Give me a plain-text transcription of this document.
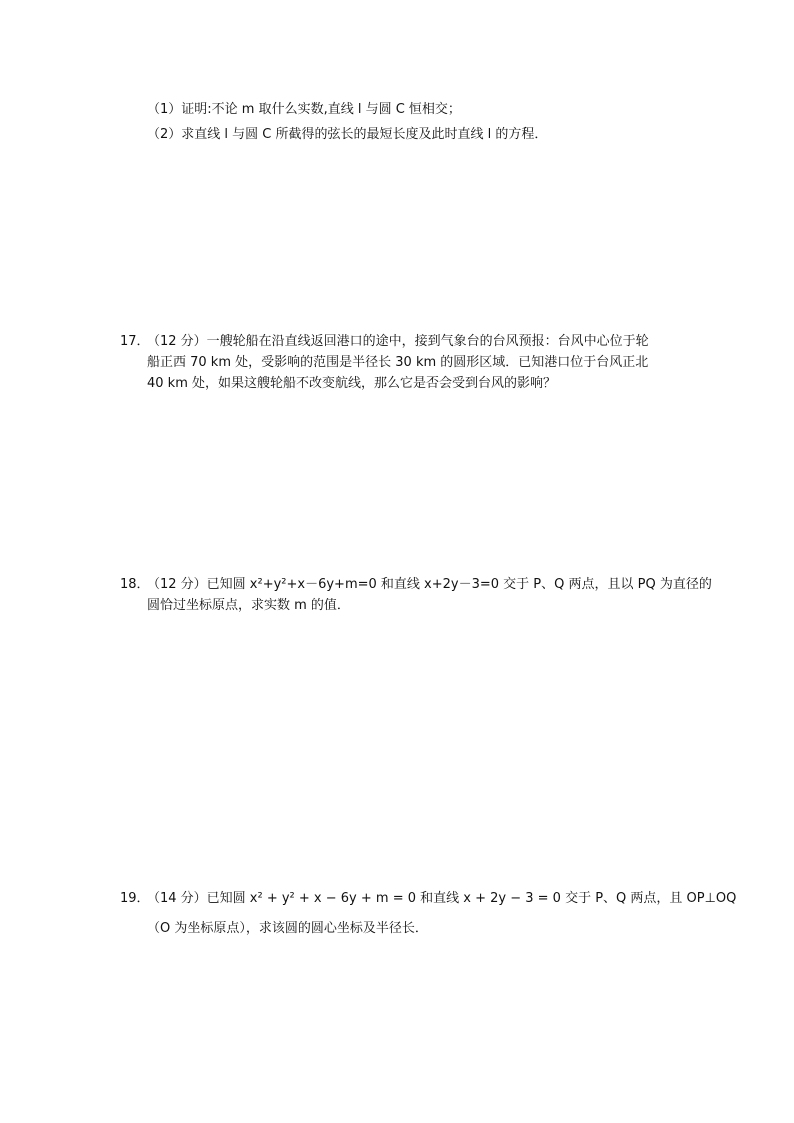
（1）证明:不论 m 取什么实数,直线 l 与圆 C 恒相交；
（2）求直线 l 与圆 C 所截得的弦长的最短长度及此时直线 l 的方程．
17．
（12 分）一艘轮船在沿直线返回港口的途中，接到气象台的台风预报：台风中心位于轮
船正西 70 km 处，受影响的范围是半径长 30 km 的圆形区域．已知港口位于台风正北
40 km 处，如果这艘轮船不改变航线，那么它是否会受到台风的影响？
18．
（12 分）已知圆 x²+y²+x－6y+m=0 和直线 x+2y－3=0 交于 P、Q 两点，且以 PQ 为直径的
圆恰过坐标原点，求实数 m 的值．
19．
（14 分）已知圆 x² + y² + x − 6y + m = 0 和直线 x + 2y − 3 = 0 交于 P、Q 两点，且 OP⊥OQ
（O 为坐标原点），求该圆的圆心坐标及半径长．
